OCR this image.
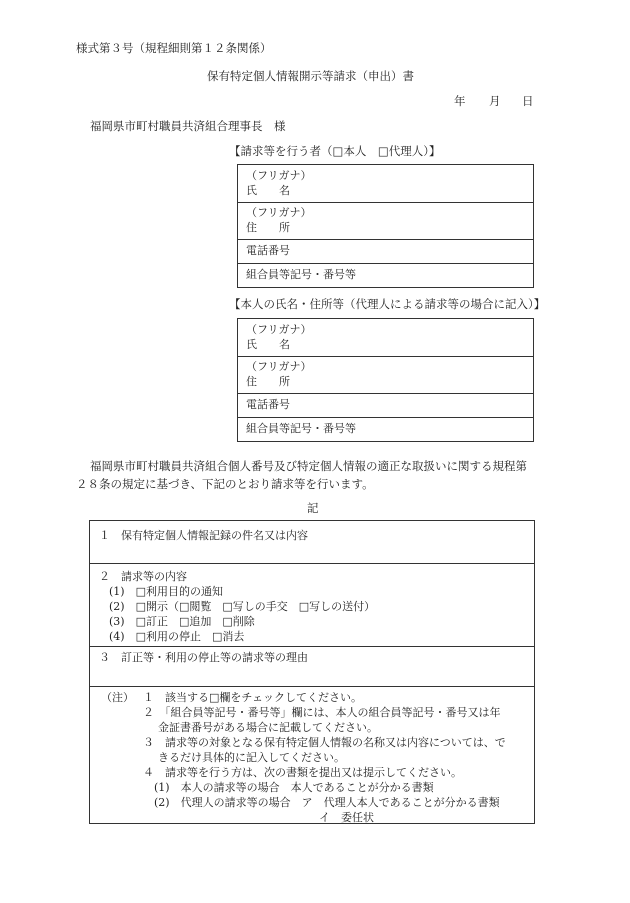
様式第３号（規程細則第１２条関係）
保有特定個人情報開示等請求（申出）書
年 月 日
福岡県市町村職員共済組合理事長　様
【請求等を行う者（□本人　□代理人）】
（フリガナ）
氏　　名
（フリガナ）
住　　所
電話番号
組合員等記号・番号等
【本人の氏名・住所等（代理人による請求等の場合に記入）】
（フリガナ）
氏　　名
（フリガナ）
住　　所
電話番号
組合員等記号・番号等
福岡県市町村職員共済組合個人番号及び特定個人情報の適正な取扱いに関する規程第
２８条の規定に基づき、下記のとおり請求等を行います。
記
１　保有特定個人情報記録の件名又は内容
２　請求等の内容
(1)　□利用目的の通知
(2)　□開示（□閲覧　□写しの手交　□写しの送付）
(3)　□訂正　□追加　□削除
(4)　□利用の停止　□消去
３　訂正等・利用の停止等の請求等の理由
（注） １　該当する□欄をチェックしてください。
２　「組合員等記号・番号等」欄には、本人の組合員等記号・番号又は年
金証書番号がある場合に記載してください。
３　請求等の対象となる保有特定個人情報の名称又は内容については、で
きるだけ具体的に記入してください。
４　請求等を行う方は、次の書類を提出又は提示してください。
(1)　本人の請求等の場合　本人であることが分かる書類
(2)　代理人の請求等の場合　ア　代理人本人であることが分かる書類
イ　委任状
